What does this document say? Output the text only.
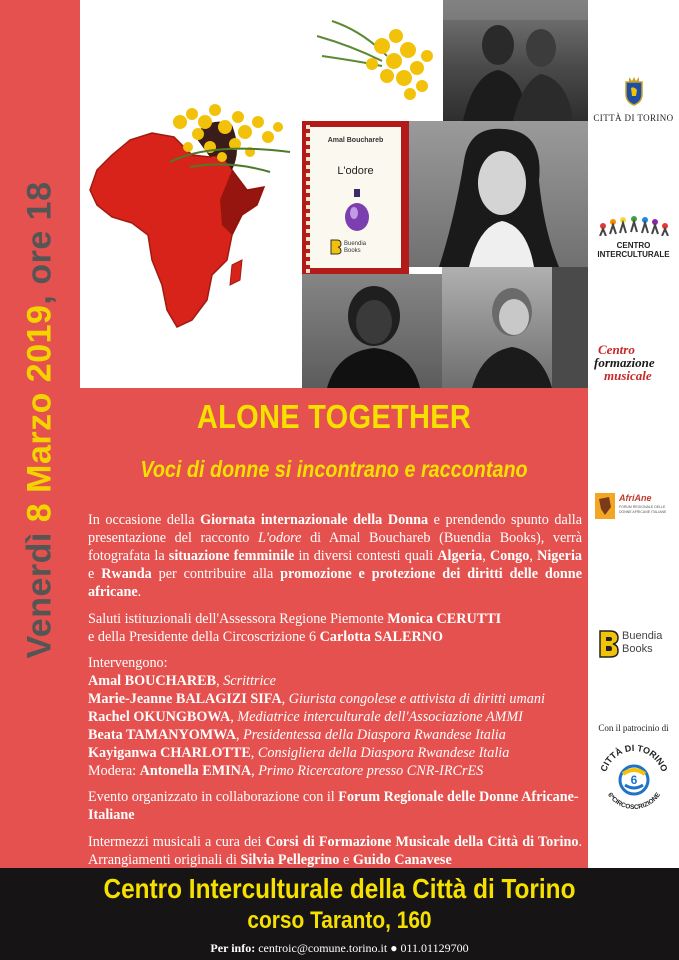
Venerdì 8 Marzo 2019, ore 18
Amal Bouchareb
L'odore
Buendia
Books
ALONE TOGETHER
Voci di donne si incontrano e raccontano

In occasione della Giornata internazionale della Donna e prendendo spunto dalla presentazione del racconto L'odore di Amal Bouchareb (Buendia Books), verrà fotografata la situazione femminile in diversi contesti quali Algeria, Congo, Nigeria e Rwanda per contribuire alla promozione e protezione dei diritti delle donne africane.

Saluti istituzionali dell'Assessora Regione Piemonte Monica CERUTTI
e della Presidente della Circoscrizione 6 Carlotta SALERNO

Intervengono:
Amal BOUCHAREB, Scrittrice
Marie-Jeanne BALAGIZI SIFA, Giurista congolese e attivista di diritti umani
Rachel OKUNGBOWA, Mediatrice interculturale dell'Associazione AMMI
Beata TAMANYOMWA, Presidentessa della Diaspora Rwandese Italia
Kayiganwa CHARLOTTE, Consigliera della Diaspora Rwandese Italia
Modera: Antonella EMINA, Primo Ricercatore presso CNR-IRCrES

Evento organizzato in collaborazione con il Forum Regionale delle Donne Africane-Italiane

Intermezzi musicali a cura dei Corsi di Formazione Musicale della Città di Torino. Arrangiamenti originali di Silvia Pellegrino e Guido Canavese

CITTÀ DI TORINO
CENTRO
INTERCULTURALE
Centro
formazione
musicale
AfriAne
FORUM REGIONALE DELLE DONNE AFRICANE ITALIANE
Buendia
Books
Con il patrocinio di
CITTÀ DI TORINO
6ªCIRCOSCRIZIONE
6
Centro Interculturale della Città di Torino
corso Taranto, 160
Per info: centroic@comune.torino.it ● 011.01129700
